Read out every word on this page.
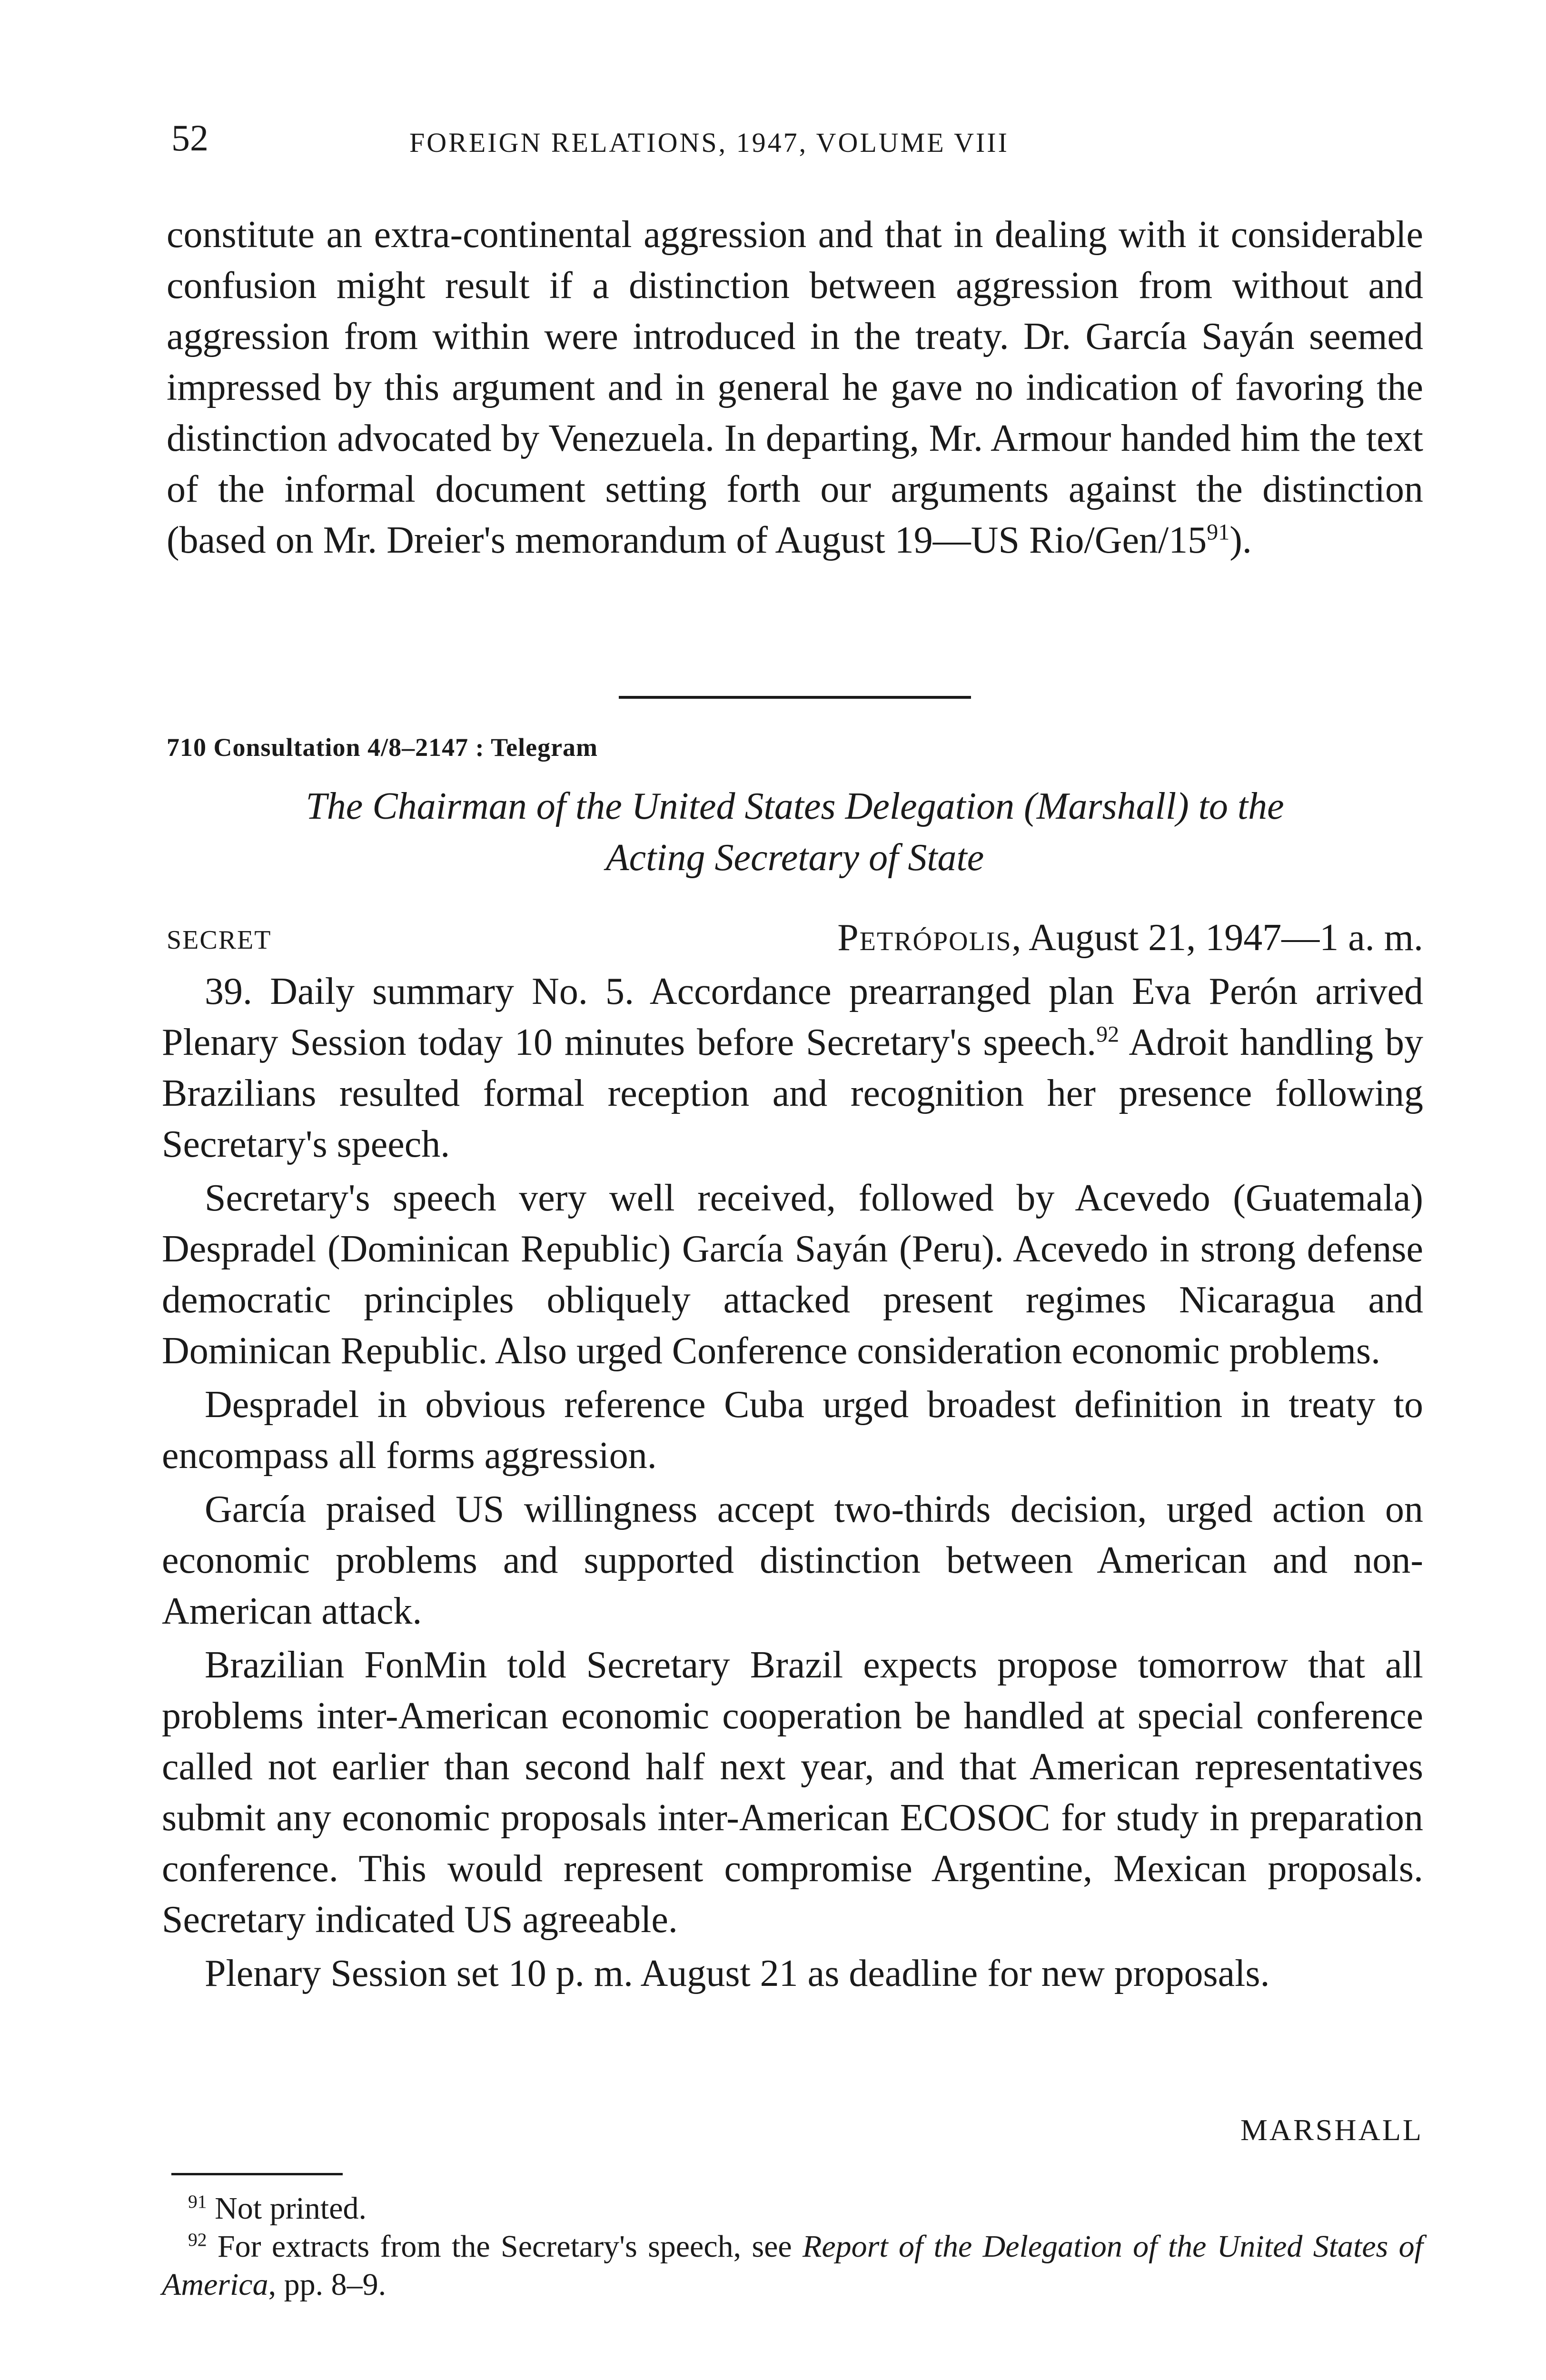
52	FOREIGN RELATIONS, 1947, VOLUME VIII

constitute an extra-continental aggression and that in dealing with it considerable confusion might result if a distinction between aggression from without and aggression from within were introduced in the treaty. Dr. García Sayán seemed impressed by this argument and in general he gave no indication of favoring the distinction advocated by Venezuela. In departing, Mr. Armour handed him the text of the informal document setting forth our arguments against the distinction (based on Mr. Dreier's memorandum of August 19—US Rio/$Gen/15^{91}$).

710 Consultation 4/8–2147 : Telegram
The Chairman of the United States Delegation (Marshall) to the
Acting Secretary of State
SECRET	Petrópolis, August 21, 1947—1 a. m.

39. Daily summary No. 5. Accordance prearranged plan Eva Perón arrived Plenary Session today 10 minutes before Secretary's speech.$^{92}$ Adroit handling by Brazilians resulted formal reception and recognition her presence following Secretary's speech.

Secretary's speech very well received, followed by Acevedo (Guatemala) Despradel (Dominican Republic) García Sayán (Peru). Acevedo in strong defense democratic principles obliquely attacked present regimes Nicaragua and Dominican Republic. Also urged Conference consideration economic problems.

Despradel in obvious reference Cuba urged broadest definition in treaty to encompass all forms aggression.

García praised US willingness accept two-thirds decision, urged action on economic problems and supported distinction between American and non-American attack.

Brazilian FonMin told Secretary Brazil expects propose tomorrow that all problems inter-American economic cooperation be handled at special conference called not earlier than second half next year, and that American representatives submit any economic proposals inter-American ECOSOC for study in preparation conference. This would represent compromise Argentine, Mexican proposals. Secretary indicated US agreeable.

Plenary Session set 10 p. m. August 21 as deadline for new proposals.

MARSHALL

$^{91}$ Not printed.

$^{92}$ For extracts from the Secretary's speech, see Report of the Delegation of the United States of America, pp. 8–9.
